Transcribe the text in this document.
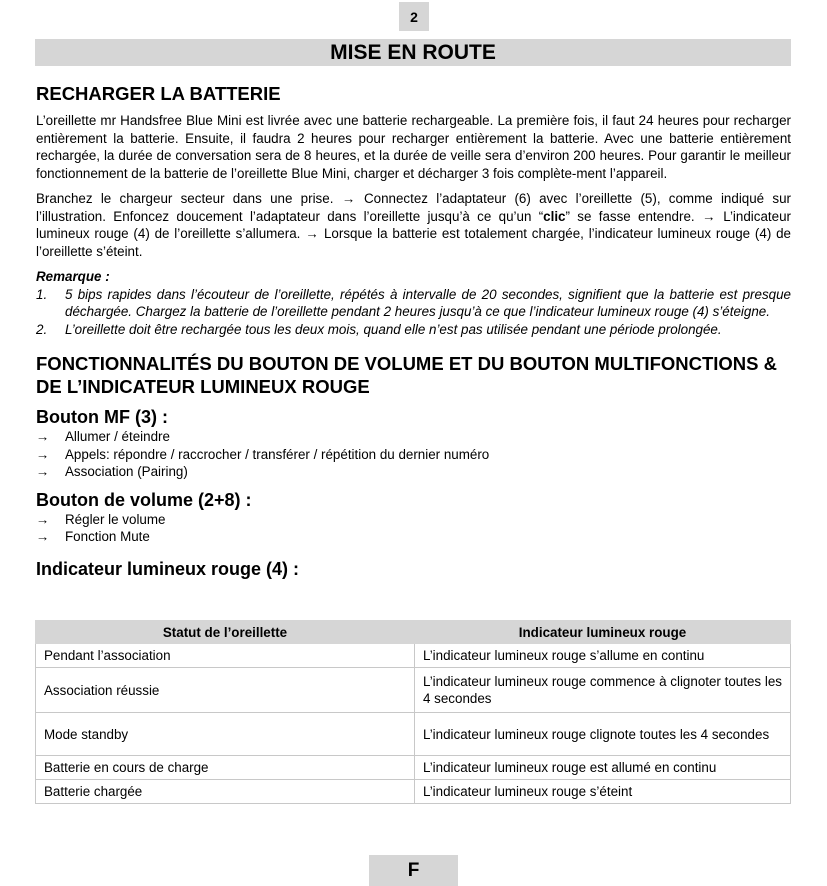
2
MISE EN ROUTE
RECHARGER LA BATTERIE
L’oreillette mr Handsfree Blue Mini est livrée avec une batterie rechargeable. La première fois, il faut 24 heures pour recharger entièrement la batterie. Ensuite, il faudra 2 heures pour recharger entièrement la batterie. Avec une batterie entièrement rechargée, la durée de conversation sera de 8 heures, et la durée de veille sera d’environ 200 heures. Pour garantir le meilleur fonctionnement de la batterie de l’oreillette Blue Mini, charger et décharger 3 fois complète-ment l’appareil.
Branchez le chargeur secteur dans une prise. → Connectez l’adaptateur (6) avec l’oreillette (5), comme indiqué sur l’illustration. Enfoncez doucement l’adaptateur dans l’oreillette jusqu’à ce qu’un “clic” se fasse entendre. → L’indicateur lumineux rouge (4) de l’oreillette s’allumera. → Lorsque la batterie est totalement chargée, l’indicateur lumineux rouge (4) de l’oreillette s’éteint.
Remarque :
1.	5 bips rapides dans l’écouteur de l’oreillette, répétés à intervalle de 20 secondes, signifient que la batterie est presque déchargée. Chargez la batterie de l’oreillette pendant 2 heures jusqu’à ce que l’indicateur lumineux rouge (4) s’éteigne.
2.	L’oreillette doit être rechargée tous les deux mois, quand elle n’est pas utilisée pendant une période prolongée.
FONCTIONNALITÉS DU BOUTON DE VOLUME ET DU BOUTON MULTIFONCTIONS & DE L’INDICATEUR LUMINEUX ROUGE
Bouton MF (3) :
→	Allumer / éteindre
→	Appels: répondre / raccrocher / transférer / répétition du dernier numéro
→	Association (Pairing)
Bouton de volume (2+8) :
→	Régler le volume
→	Fonction Mute
Indicateur lumineux rouge (4) :
Statut de l’oreillette	Indicateur lumineux rouge
Pendant l’association	L’indicateur lumineux rouge s’allume en continu
Association réussie	L’indicateur lumineux rouge commence à clignoter toutes les 4 secondes
Mode standby	L’indicateur lumineux rouge clignote toutes les 4 secondes
Batterie en cours de charge	L’indicateur lumineux rouge est allumé en continu
Batterie chargée	L’indicateur lumineux rouge s’éteint
F
